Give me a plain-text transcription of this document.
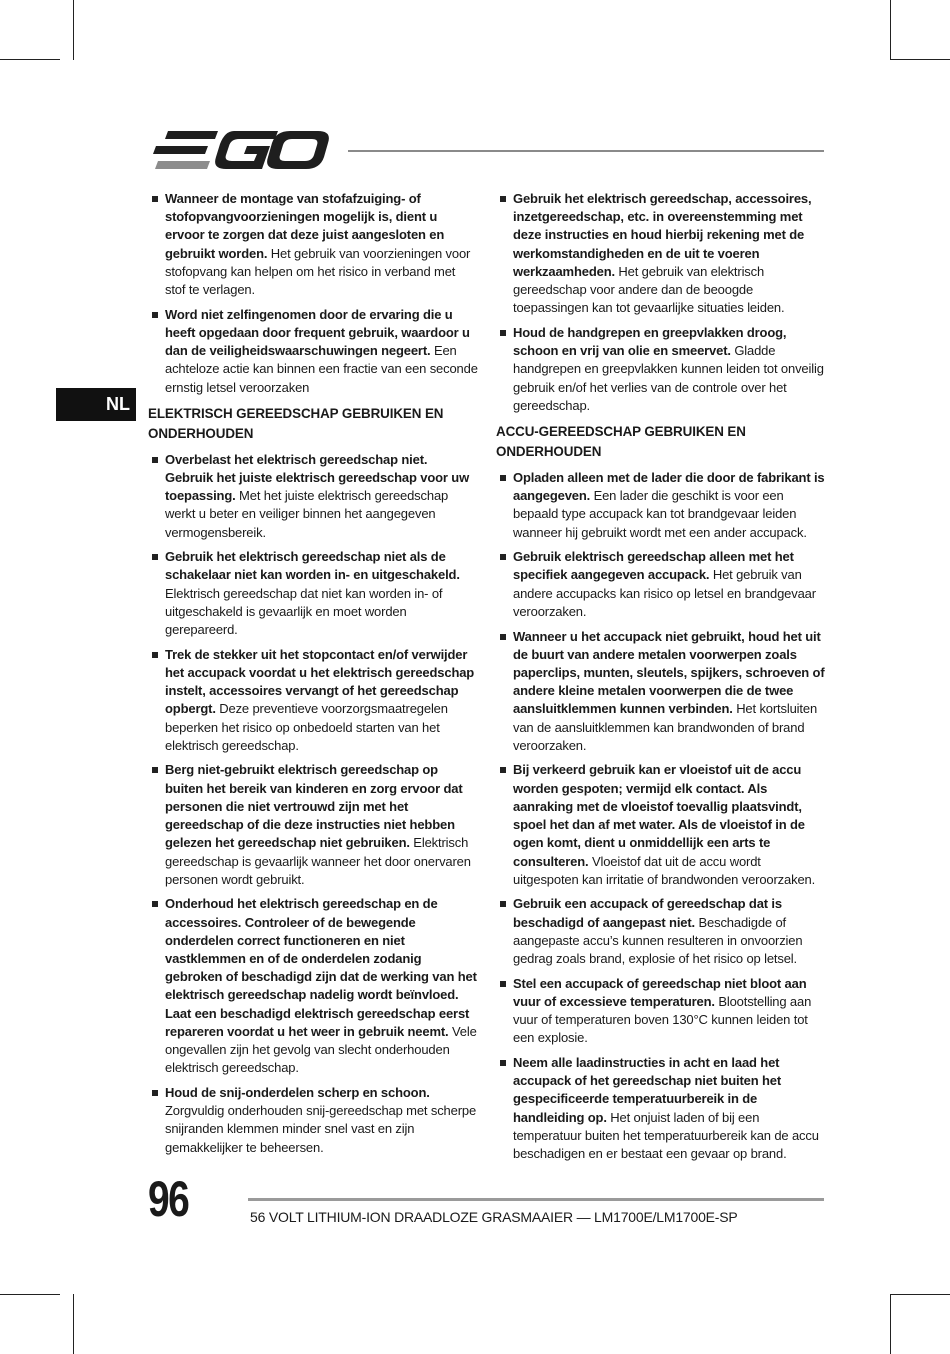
NL
Wanneer de montage van stofafzuiging- of stofopvangvoorzieningen mogelijk is, dient u ervoor te zorgen dat deze juist aangesloten en gebruikt worden. Het gebruik van voorzieningen voor stofopvang kan helpen om het risico in verband met stof te verlagen.
Word niet zelfingenomen door de ervaring die u heeft opgedaan door frequent gebruik, waardoor u dan de veiligheidswaarschuwingen negeert. Een achteloze actie kan binnen een fractie van een seconde ernstig letsel veroorzaken
ELEKTRISCH GEREEDSCHAP GEBRUIKEN EN ONDERHOUDEN
Overbelast het elektrisch gereedschap niet. Gebruik het juiste elektrisch gereedschap voor uw toepassing. Met het juiste elektrisch gereedschap werkt u beter en veiliger binnen het aangegeven vermogensbereik.
Gebruik het elektrisch gereedschap niet als de schakelaar niet kan worden in- en uitgeschakeld. Elektrisch gereedschap dat niet kan worden in- of uitgeschakeld is gevaarlijk en moet worden gerepareerd.
Trek de stekker uit het stopcontact en/of verwijder het accupack voordat u het elektrisch gereedschap instelt, accessoires vervangt of het gereedschap opbergt. Deze preventieve voorzorgsmaatregelen beperken het risico op onbedoeld starten van het elektrisch gereedschap.
Berg niet-gebruikt elektrisch gereedschap op buiten het bereik van kinderen en zorg ervoor dat personen die niet vertrouwd zijn met het gereedschap of die deze instructies niet hebben gelezen het gereedschap niet gebruiken. Elektrisch gereedschap is gevaarlijk wanneer het door onervaren personen wordt gebruikt.
Onderhoud het elektrisch gereedschap en de accessoires. Controleer of de bewegende onderdelen correct functioneren en niet vastklemmen en of de onderdelen zodanig gebroken of beschadigd zijn dat de werking van het elektrisch gereedschap nadelig wordt beïnvloed. Laat een beschadigd elektrisch gereedschap eerst repareren voordat u het weer in gebruik neemt. Vele ongevallen zijn het gevolg van slecht onderhouden elektrisch gereedschap.
Houd de snij-onderdelen scherp en schoon. Zorgvuldig onderhouden snij-gereedschap met scherpe snijranden klemmen minder snel vast en zijn gemakkelijker te beheersen.
Gebruik het elektrisch gereedschap, accessoires, inzetgereedschap, etc. in overeenstemming met deze instructies en houd hierbij rekening met de werkomstandigheden en de uit te voeren werkzaamheden. Het gebruik van elektrisch gereedschap voor andere dan de beoogde toepassingen kan tot gevaarlijke situaties leiden.
Houd de handgrepen en greepvlakken droog, schoon en vrij van olie en smeervet. Gladde handgrepen en greepvlakken kunnen leiden tot onveilig gebruik en/of het verlies van de controle over het gereedschap.
ACCU-GEREEDSCHAP GEBRUIKEN EN ONDERHOUDEN
Opladen alleen met de lader die door de fabrikant is aangegeven. Een lader die geschikt is voor een bepaald type accupack kan tot brandgevaar leiden wanneer hij gebruikt wordt met een ander accupack.
Gebruik elektrisch gereedschap alleen met het specifiek aangegeven accupack. Het gebruik van andere accupacks kan risico op letsel en brandgevaar veroorzaken.
Wanneer u het accupack niet gebruikt, houd het uit de buurt van andere metalen voorwerpen zoals paperclips, munten, sleutels, spijkers, schroeven of andere kleine metalen voorwerpen die de twee aansluitklemmen kunnen verbinden. Het kortsluiten van de aansluitklemmen kan brandwonden of brand veroorzaken.
Bij verkeerd gebruik kan er vloeistof uit de accu worden gespoten; vermijd elk contact. Als aanraking met de vloeistof toevallig plaatsvindt, spoel het dan af met water. Als de vloeistof in de ogen komt, dient u onmiddellijk een arts te consulteren. Vloeistof dat uit de accu wordt uitgespoten kan irritatie of brandwonden veroorzaken.
Gebruik een accupack of gereedschap dat is beschadigd of aangepast niet. Beschadigde of aangepaste accu’s kunnen resulteren in onvoorzien gedrag zoals brand, explosie of het risico op letsel.
Stel een accupack of gereedschap niet bloot aan vuur of excessieve temperaturen. Blootstelling aan vuur of temperaturen boven 130°C kunnen leiden tot een explosie.
Neem alle laadinstructies in acht en laad het accupack of het gereedschap niet buiten het gespecificeerde temperatuurbereik in de handleiding op. Het onjuist laden of bij een temperatuur buiten het temperatuurbereik kan de accu beschadigen en er bestaat een gevaar op brand.
96	56 VOLT LITHIUM-ION DRAADLOZE GRASMAAIER — LM1700E/LM1700E-SP
